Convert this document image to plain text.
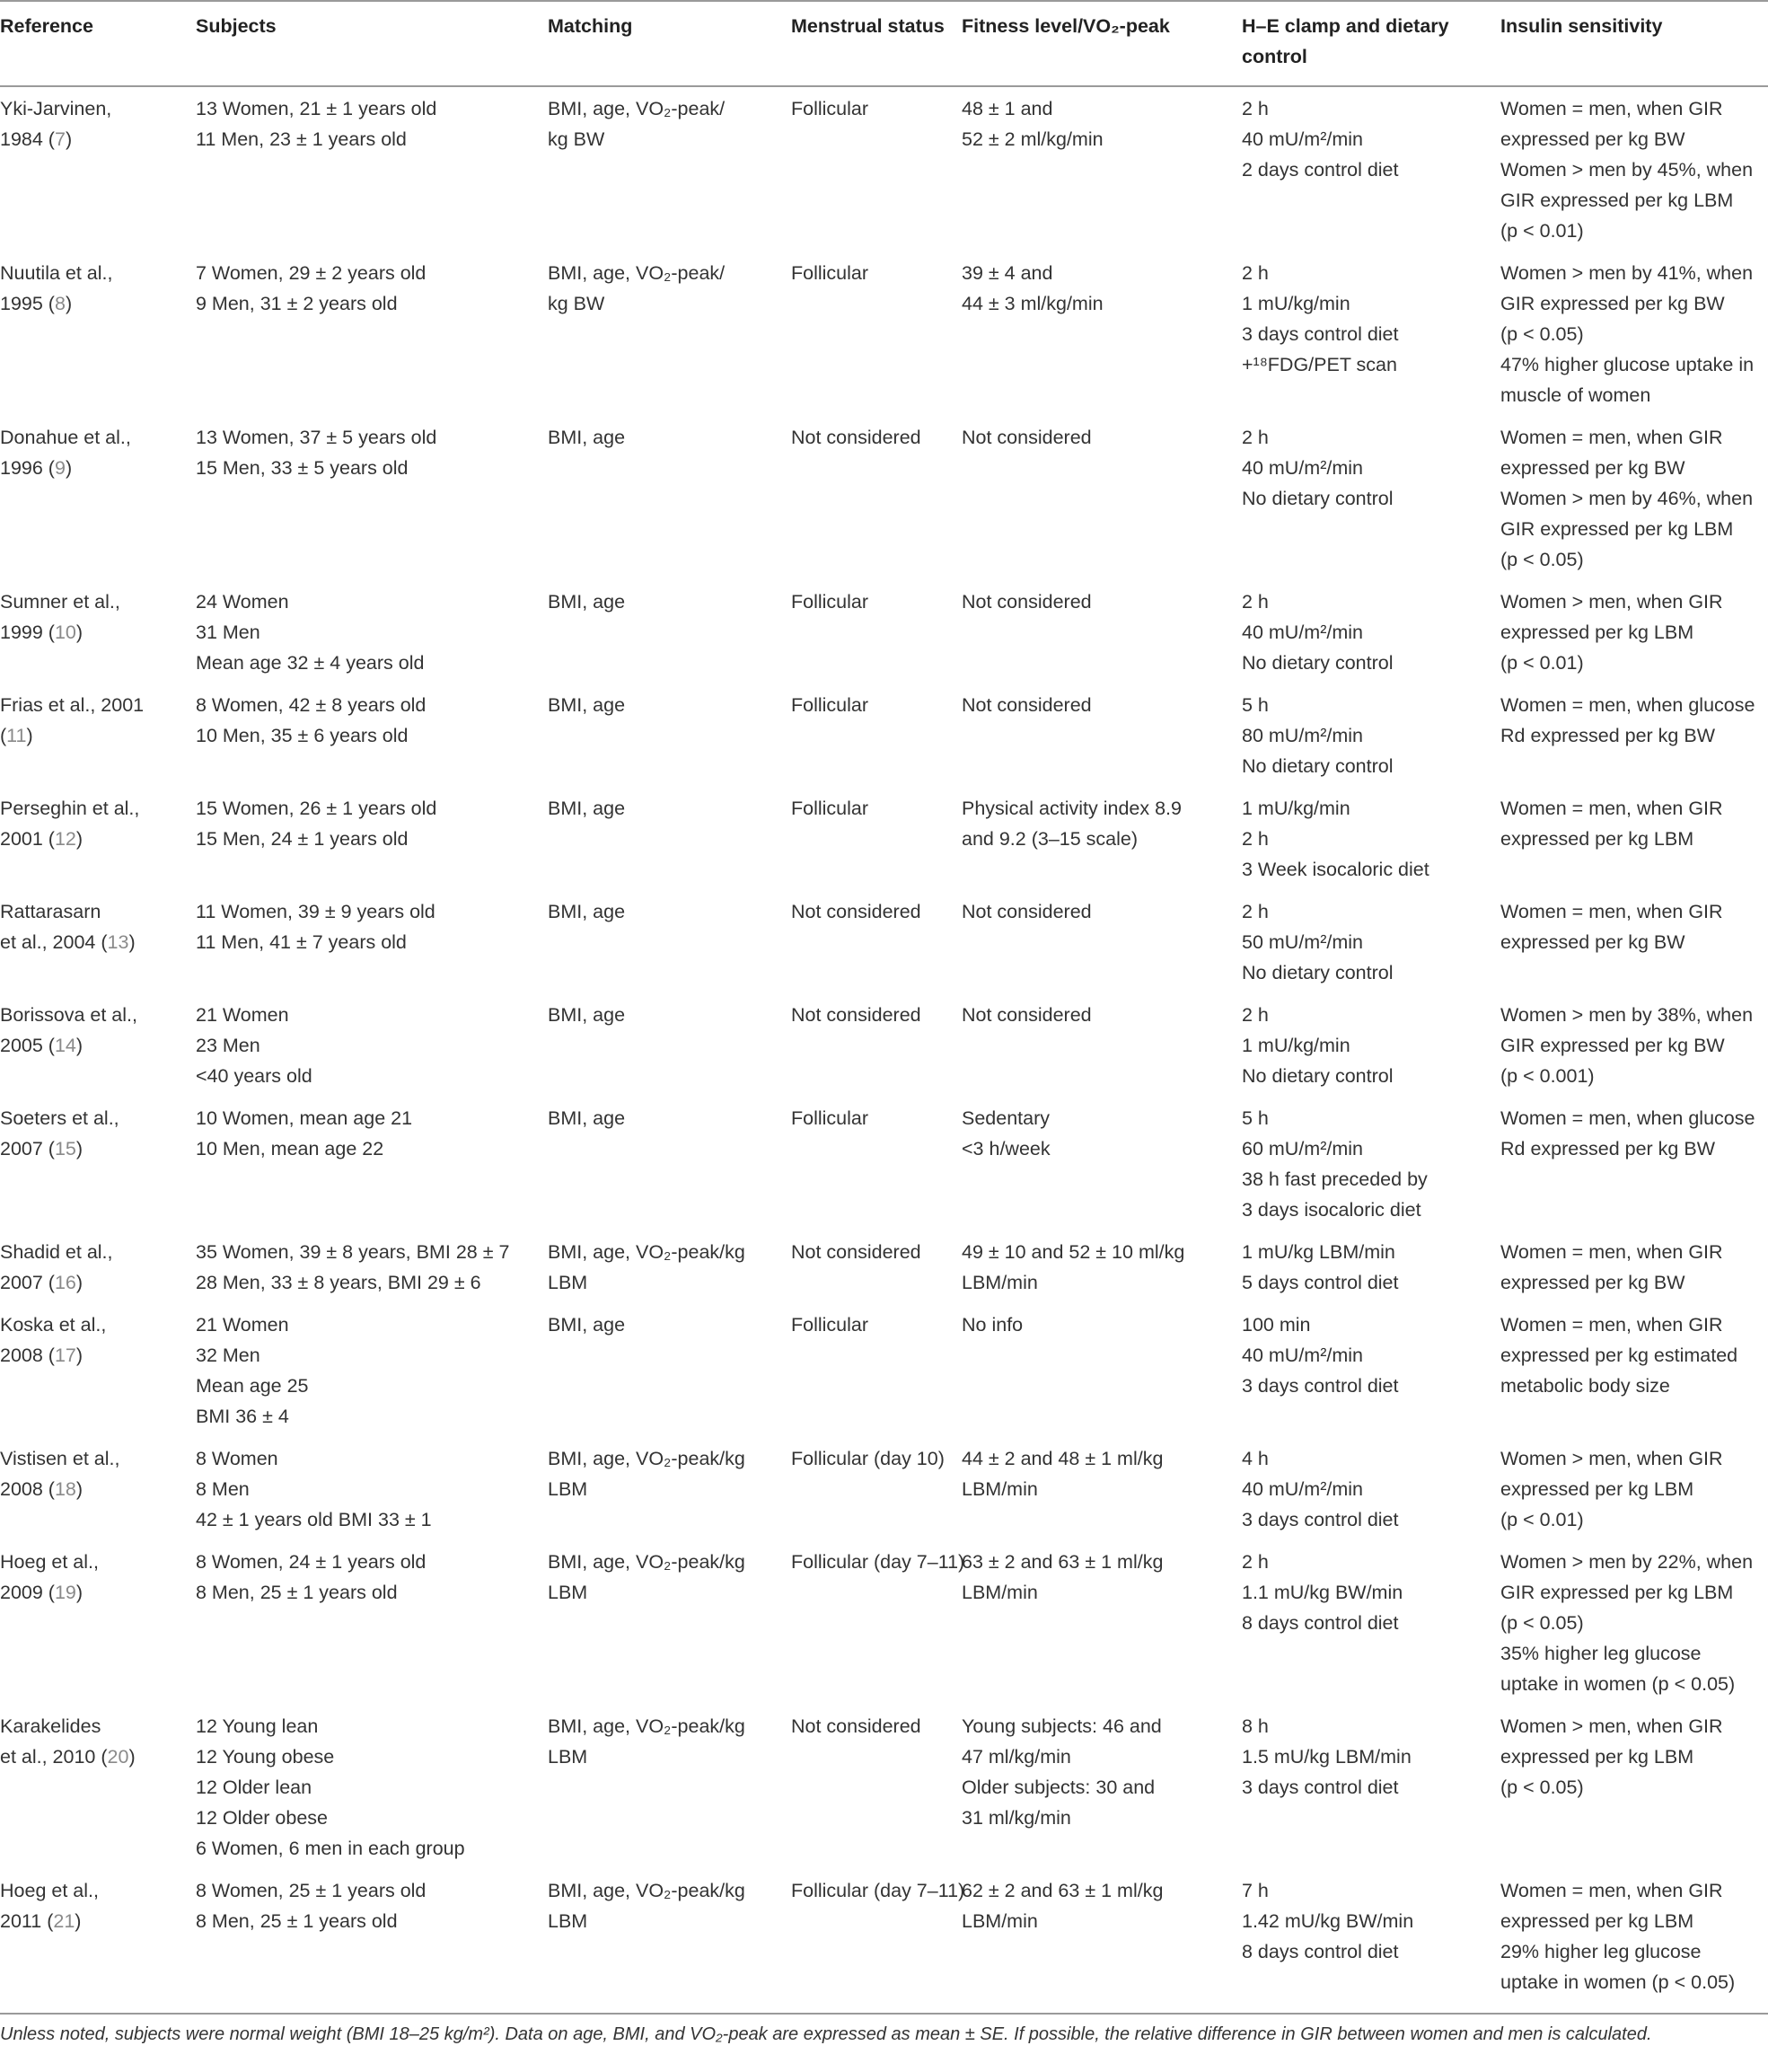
Reference	Subjects	Matching	Menstrual status	Fitness level/VO₂-peak	H–E clamp and dietary control	Insulin sensitivity

Yki-Jarvinen,
1984 (7)	13 Women, 21 ± 1 years old
11 Men, 23 ± 1 years old	BMI, age, VO₂-peak/
kg BW	Follicular	48 ± 1 and
52 ± 2 ml/kg/min	2 h
40 mU/m²/min
2 days control diet	Women = men, when GIR
expressed per kg BW
Women > men by 45%, when
GIR expressed per kg LBM
(p < 0.01)

Nuutila et al.,
1995 (8)	7 Women, 29 ± 2 years old
9 Men, 31 ± 2 years old	BMI, age, VO₂-peak/
kg BW	Follicular	39 ± 4 and
44 ± 3 ml/kg/min	2 h
1 mU/kg/min
3 days control diet
+¹⁸FDG/PET scan	Women > men by 41%, when
GIR expressed per kg BW
(p < 0.05)
47% higher glucose uptake in
muscle of women

Donahue et al.,
1996 (9)	13 Women, 37 ± 5 years old
15 Men, 33 ± 5 years old	BMI, age	Not considered	Not considered	2 h
40 mU/m²/min
No dietary control	Women = men, when GIR
expressed per kg BW
Women > men by 46%, when
GIR expressed per kg LBM
(p < 0.05)

Sumner et al.,
1999 (10)	24 Women
31 Men
Mean age 32 ± 4 years old	BMI, age	Follicular	Not considered	2 h
40 mU/m²/min
No dietary control	Women > men, when GIR
expressed per kg LBM
(p < 0.01)

Frias et al., 2001
(11)	8 Women, 42 ± 8 years old
10 Men, 35 ± 6 years old	BMI, age	Follicular	Not considered	5 h
80 mU/m²/min
No dietary control	Women = men, when glucose
Rd expressed per kg BW

Perseghin et al.,
2001 (12)	15 Women, 26 ± 1 years old
15 Men, 24 ± 1 years old	BMI, age	Follicular	Physical activity index 8.9
and 9.2 (3–15 scale)	1 mU/kg/min
2 h
3 Week isocaloric diet	Women = men, when GIR
expressed per kg LBM

Rattarasarn
et al., 2004 (13)	11 Women, 39 ± 9 years old
11 Men, 41 ± 7 years old	BMI, age	Not considered	Not considered	2 h
50 mU/m²/min
No dietary control	Women = men, when GIR
expressed per kg BW

Borissova et al.,
2005 (14)	21 Women
23 Men
<40 years old	BMI, age	Not considered	Not considered	2 h
1 mU/kg/min
No dietary control	Women > men by 38%, when
GIR expressed per kg BW
(p < 0.001)

Soeters et al.,
2007 (15)	10 Women, mean age 21
10 Men, mean age 22	BMI, age	Follicular	Sedentary
<3 h/week	5 h
60 mU/m²/min
38 h fast preceded by
3 days isocaloric diet	Women = men, when glucose
Rd expressed per kg BW

Shadid et al.,
2007 (16)	35 Women, 39 ± 8 years, BMI 28 ± 7
28 Men, 33 ± 8 years, BMI 29 ± 6	BMI, age, VO₂-peak/kg
LBM	Not considered	49 ± 10 and 52 ± 10 ml/kg
LBM/min	1 mU/kg LBM/min
5 days control diet	Women = men, when GIR
expressed per kg BW

Koska et al.,
2008 (17)	21 Women
32 Men
Mean age 25
BMI 36 ± 4	BMI, age	Follicular	No info	100 min
40 mU/m²/min
3 days control diet	Women = men, when GIR
expressed per kg estimated
metabolic body size

Vistisen et al.,
2008 (18)	8 Women
8 Men
42 ± 1 years old BMI 33 ± 1	BMI, age, VO₂-peak/kg
LBM	Follicular (day 10)	44 ± 2 and 48 ± 1 ml/kg
LBM/min	4 h
40 mU/m²/min
3 days control diet	Women > men, when GIR
expressed per kg LBM
(p < 0.01)

Hoeg et al.,
2009 (19)	8 Women, 24 ± 1 years old
8 Men, 25 ± 1 years old	BMI, age, VO₂-peak/kg
LBM	Follicular (day 7–11)	63 ± 2 and 63 ± 1 ml/kg
LBM/min	2 h
1.1 mU/kg BW/min
8 days control diet	Women > men by 22%, when
GIR expressed per kg LBM
(p < 0.05)
35% higher leg glucose
uptake in women (p < 0.05)

Karakelides
et al., 2010 (20)	12 Young lean
12 Young obese
12 Older lean
12 Older obese
6 Women, 6 men in each group	BMI, age, VO₂-peak/kg
LBM	Not considered	Young subjects: 46 and
47 ml/kg/min
Older subjects: 30 and
31 ml/kg/min	8 h
1.5 mU/kg LBM/min
3 days control diet	Women > men, when GIR
expressed per kg LBM
(p < 0.05)

Hoeg et al.,
2011 (21)	8 Women, 25 ± 1 years old
8 Men, 25 ± 1 years old	BMI, age, VO₂-peak/kg
LBM	Follicular (day 7–11)	62 ± 2 and 63 ± 1 ml/kg
LBM/min	7 h
1.42 mU/kg BW/min
8 days control diet	Women = men, when GIR
expressed per kg LBM
29% higher leg glucose
uptake in women (p < 0.05)
Unless noted, subjects were normal weight (BMI 18–25 kg/m²). Data on age, BMI, and VO₂-peak are expressed as mean ± SE. If possible, the relative difference in GIR between women and men is calculated.
